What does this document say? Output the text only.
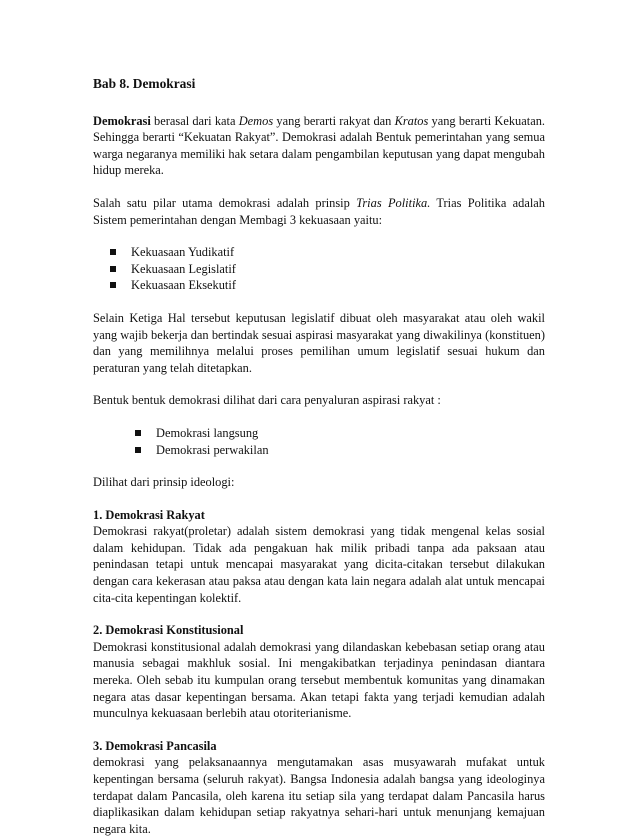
Bab 8. Demokrasi

Demokrasi berasal dari kata Demos yang berarti rakyat dan Kratos yang berarti Kekuatan. Sehingga berarti “Kekuatan Rakyat”. Demokrasi adalah Bentuk pemerintahan yang semua warga negaranya memiliki hak setara dalam pengambilan keputusan yang dapat mengubah hidup mereka.

Salah satu pilar utama demokrasi adalah prinsip Trias Politika. Trias Politika adalah Sistem pemerintahan dengan Membagi 3 kekuasaan yaitu:

Kekuasaan Yudikatif
Kekuasaan Legislatif
Kekuasaan Eksekutif

Selain Ketiga Hal tersebut keputusan legislatif dibuat oleh masyarakat atau oleh wakil yang wajib bekerja dan bertindak sesuai aspirasi masyarakat yang diwakilinya (konstituen) dan yang memilihnya melalui proses pemilihan umum legislatif sesuai hukum dan peraturan yang telah ditetapkan.

Bentuk bentuk demokrasi dilihat dari cara penyaluran aspirasi rakyat :

Demokrasi langsung
Demokrasi perwakilan

Dilihat dari prinsip ideologi:

1. Demokrasi Rakyat

Demokrasi rakyat(proletar) adalah sistem demokrasi yang tidak mengenal kelas sosial dalam kehidupan. Tidak ada pengakuan hak milik pribadi tanpa ada paksaan atau penindasan tetapi untuk mencapai masyarakat yang dicita-citakan tersebut dilakukan dengan cara kekerasan atau paksa atau dengan kata lain negara adalah alat untuk mencapai cita-cita kepentingan kolektif.

2. Demokrasi Konstitusional

Demokrasi konstitusional adalah demokrasi yang dilandaskan kebebasan setiap orang atau manusia sebagai makhluk sosial. Ini mengakibatkan terjadinya penindasan diantara mereka. Oleh sebab itu kumpulan orang tersebut membentuk komunitas yang dinamakan negara atas dasar kepentingan bersama. Akan tetapi fakta yang terjadi kemudian adalah munculnya kekuasaan berlebih atau otoriterianisme.

3. Demokrasi Pancasila

demokrasi yang pelaksanaannya mengutamakan asas musyawarah mufakat untuk kepentingan bersama (seluruh rakyat). Bangsa Indonesia adalah bangsa yang ideologinya terdapat dalam Pancasila, oleh karena itu setiap sila yang terdapat dalam Pancasila harus diaplikasikan dalam kehidupan setiap rakyatnya sehari-hari untuk menunjang kemajuan negara kita.
